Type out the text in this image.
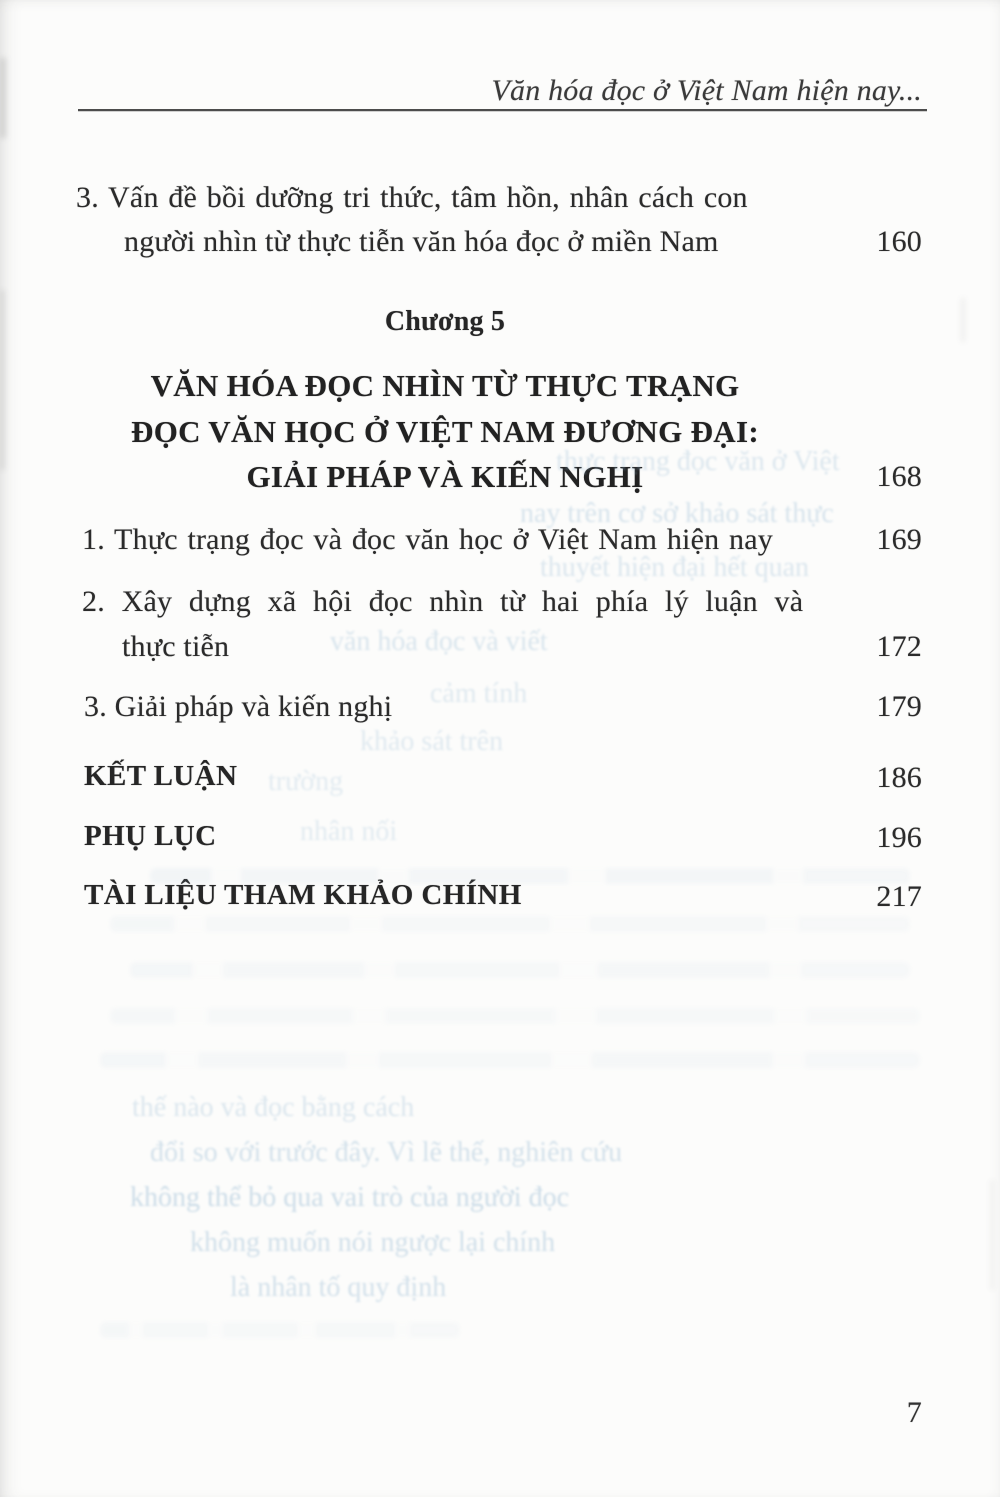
Văn hóa đọc ở Việt Nam hiện nay...
3. Vấn đề bồi dưỡng tri thức, tâm hồn, nhân cách con
người nhìn từ thực tiễn văn hóa đọc ở miền Nam	160
Chương 5
VĂN HÓA ĐỌC NHÌN TỪ THỰC TRẠNG
ĐỌC VĂN HỌC Ở VIỆT NAM ĐƯƠNG ĐẠI:
GIẢI PHÁP VÀ KIẾN NGHỊ	168
1. Thực trạng đọc và đọc văn học ở Việt Nam hiện nay	169
2. Xây dựng xã hội đọc nhìn từ hai phía lý luận và
thực tiễn	172
3. Giải pháp và kiến nghị	179
KẾT LUẬN	186
PHỤ LỤC	196
TÀI LIỆU THAM KHẢO CHÍNH	217
thực trạng đọc văn ở Việt
nay trên cơ sở khảo sát thực
thuyết hiện đại hết quan
văn hóa đọc và viết
cảm tính
khảo sát trên
trường
nhân nối
thế nào và đọc bằng cách
đổi so với trước đây. Vì lẽ thế, nghiên cứu
không thể bỏ qua vai trò của người đọc
không muốn nói ngược lại chính
là nhân tố quy định
7
